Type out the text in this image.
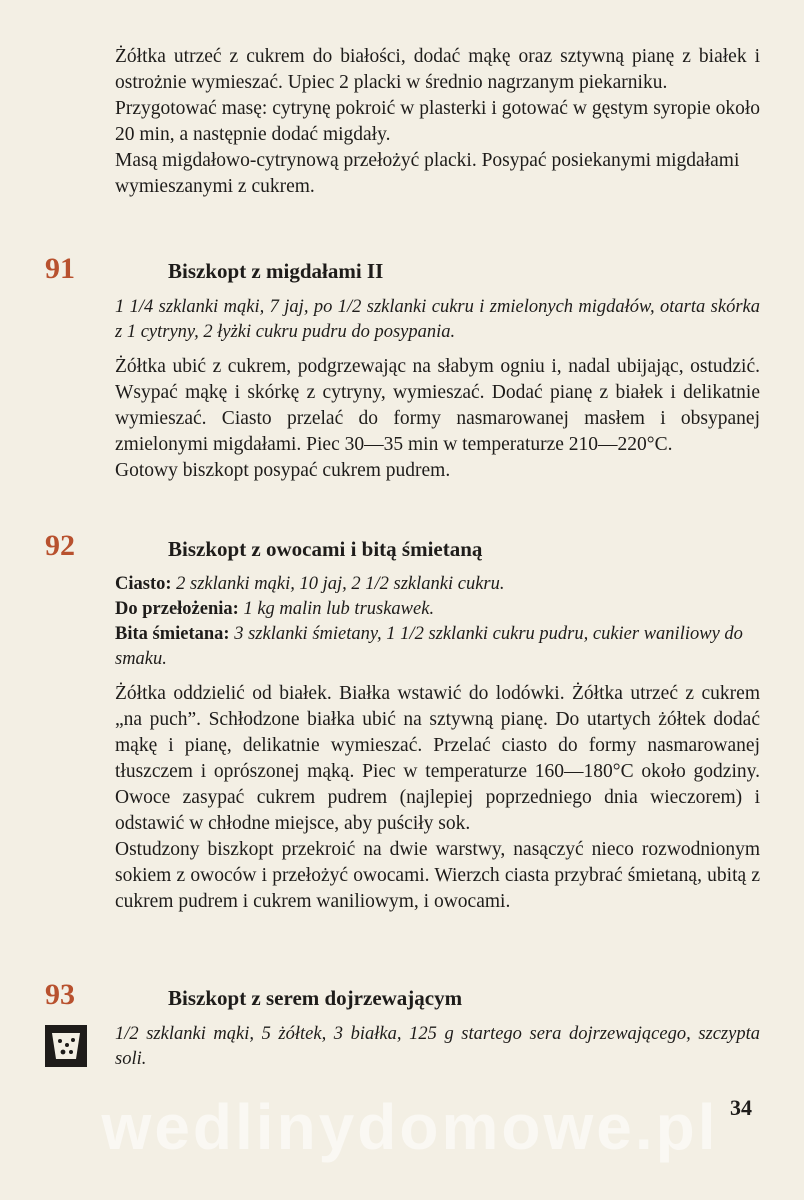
Żółtka utrzeć z cukrem do białości, dodać mąkę oraz sztywną pianę z białek i ostrożnie wymieszać. Upiec 2 placki w średnio nagrzanym piekarniku.

Przygotować masę: cytrynę pokroić w plasterki i gotować w gęstym syropie około 20 min, a następnie dodać migdały.

Masą migdałowo-cytrynową przełożyć placki. Posypać posiekanymi migdałami wymieszanymi z cukrem.

91	Biszkopt z migdałami II

1 1/4 szklanki mąki, 7 jaj, po 1/2 szklanki cukru i zmielonych migdałów, otarta skórka z 1 cytryny, 2 łyżki cukru pudru do posypania.

Żółtka ubić z cukrem, podgrzewając na słabym ogniu i, nadal ubijając, ostudzić. Wsypać mąkę i skórkę z cytryny, wymieszać. Dodać pianę z białek i delikatnie wymieszać. Ciasto przelać do formy nasmarowanej masłem i obsypanej zmielonymi migdałami. Piec 30—35 min w temperaturze 210—220°C.

Gotowy biszkopt posypać cukrem pudrem.

92	Biszkopt z owocami i bitą śmietaną

Ciasto: 2 szklanki mąki, 10 jaj, 2 1/2 szklanki cukru.

Do przełożenia: 1 kg malin lub truskawek.

Bita śmietana: 3 szklanki śmietany, 1 1/2 szklanki cukru pudru, cukier waniliowy do smaku.

Żółtka oddzielić od białek. Białka wstawić do lodówki. Żółtka utrzeć z cukrem „na puch”. Schłodzone białka ubić na sztywną pianę. Do utartych żółtek dodać mąkę i pianę, delikatnie wymieszać. Przelać ciasto do formy nasmarowanej tłuszczem i oprószonej mąką. Piec w temperaturze 160—180°C około godziny. Owoce zasypać cukrem pudrem (najlepiej poprzedniego dnia wieczorem) i odstawić w chłodne miejsce, aby puściły sok.

Ostudzony biszkopt przekroić na dwie warstwy, nasączyć nieco rozwodnionym sokiem z owoców i przełożyć owocami. Wierzch ciasta przybrać śmietaną, ubitą z cukrem pudrem i cukrem waniliowym, i owocami.

93	Biszkopt z serem dojrzewającym

1/2 szklanki mąki, 5 żółtek, 3 białka, 125 g startego sera dojrzewającego, szczypta soli.

wedlinydomowe.pl 34
